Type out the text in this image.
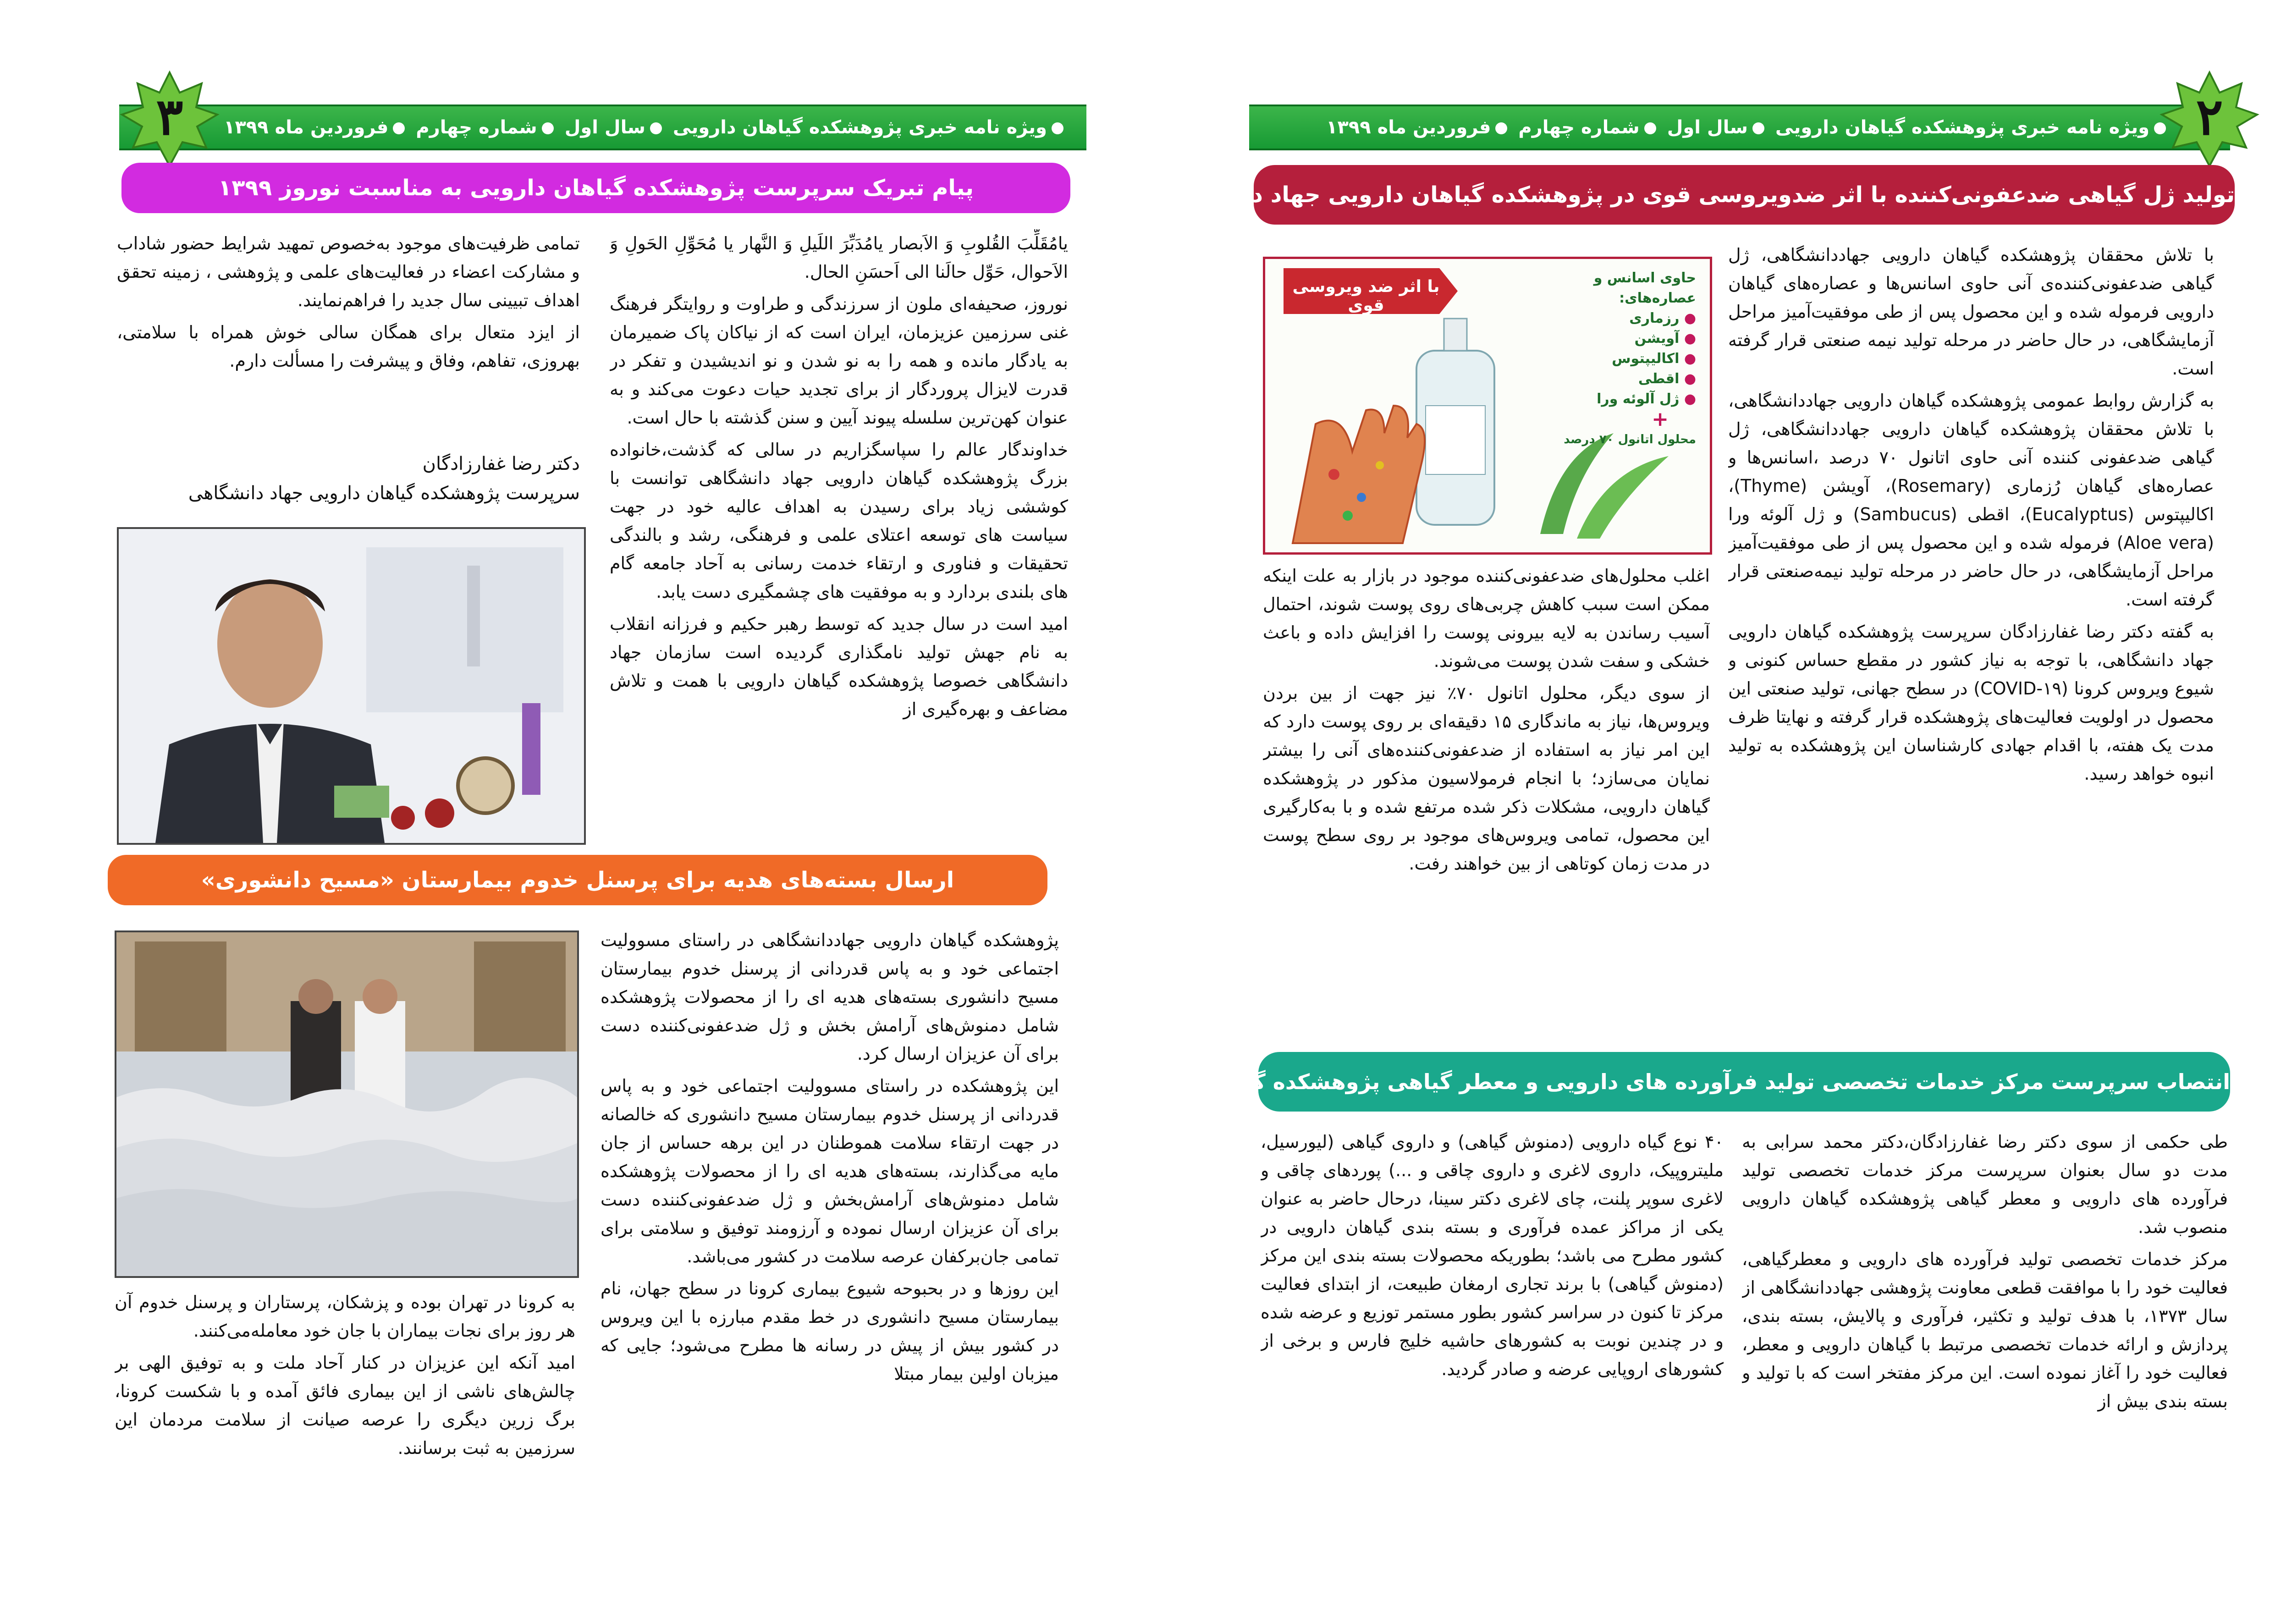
ویژه نامه خبری پژوهشکده گیاهان دارویی سال اول شماره چهارم فروردین ماه ۱۳۹۹
۳
پیام تبریک سرپرست پژوهشکده گیاهان دارویی به مناسبت نوروز ۱۳۹۹

یامُقَلِّبَ القُلوبِ وَ الاَبصار یامُدَبِّرَ اللَیلِ وَ النَّهار یا مُحَوِّلِ الحَولِ وَ الاَحوال، حَوِّل حالَنا الی اَحسَنِ الحال.

نوروز، صحیفه‌ای ملون از سرزندگی و طراوت و روایتگر فرهنگ غنی سرزمین عزیزمان، ایران است که از نیاکان پاک ضمیرمان به یادگار مانده و همه را به نو شدن و نو اندیشیدن و تفکر در قدرت لایزال پروردگار از برای تجدید حیات دعوت می‌کند و به عنوان کهن‌ترین سلسله پیوند آیین و سنن گذشته با حال است.

خداوندگار عالم را سپاسگزاریم در سالی که گذشت،خانواده بزرگ پژوهشکده گیاهان دارویی جهاد دانشگاهی توانست با کوششی زیاد برای رسیدن به اهداف عالیه خود در جهت سیاست های توسعه اعتلای علمی و فرهنگی، رشد و بالندگی تحقیقات و فناوری و ارتقاء خدمت رسانی به آحاد جامعه گام های بلندی بردارد و به موفقیت های چشمگیری دست یابد.

امید است در سال جدید که توسط رهبر حکیم و فرزانه انقلاب به نام جهش تولید نامگذاری گردیده است سازمان جهاد دانشگاهی خصوصا پژوهشکده گیاهان دارویی با همت و تلاش مضاعف و بهره‌گیری از

تمامی ظرفیت‌های موجود به‌خصوص تمهید شرایط حضور شاداب و مشارکت اعضاء در فعالیت‌های علمی و پژوهشی ، زمینه تحقق اهداف تبیینی سال جدید را فراهم‌نمایند.

از ایزد متعال برای همگان سالی خوش همراه با سلامتی، بهروزی، تفاهم، وفاق و پیشرفت را مسألت دارم.

دکتر رضا غفارزادگان
سرپرست پژوهشکده گیاهان دارویی جهاد دانشگاهی
ارسال بسته‌های هدیه برای پرسنل خدوم بیمارستان «مسیح دانشوری»

پژوهشکده گیاهان دارویی جهاددانشگاهی در راستای مسوولیت اجتماعی خود و به پاس قدردانی از پرسنل خدوم بیمارستان مسیح دانشوری بسته‌های هدیه ای را از محصولات پژوهشکده شامل دمنوش‌های آرامش بخش و ژل ضدعفونی‌کننده دست برای آن عزیزان ارسال کرد.

این پژوهشکده در راستای مسوولیت اجتماعی خود و به پاس قدردانی از پرسنل خدوم بیمارستان مسیح دانشوری که خالصانه در جهت ارتقاء سلامت هموطنان در این برهه حساس از جان مایه می‌گذارند، بسته‌های هدیه ای را از محصولات پژوهشکده شامل دمنوش‌های آرامش‌بخش و ژل ضدعفونی‌کننده دست برای آن عزیزان ارسال نموده و آرزومند توفیق و سلامتی برای تمامی جان‌برکفان عرصه سلامت در کشور می‌باشد.

این روزها و در بحبوحه شیوع بیماری کرونا در سطح جهان، نام بیمارستان مسیح دانشوری در خط مقدم مبارزه با این ویروس در کشور بیش از پیش در رسانه ها مطرح می‌شود؛ جایی که میزبان اولین بیمار مبتلا

به کرونا در تهران بوده و پزشکان، پرستاران و پرسنل خدوم آن هر روز برای نجات بیماران با جان خود معامله‌می‌کنند.

امید آنکه این عزیزان در کنار آحاد ملت و به توفیق الهی بر چالش‌های ناشی از این بیماری فائق آمده و با شکست کرونا، برگ زرین دیگری را عرصه صیانت از سلامت مردمان این سرزمین به ثبت برسانند.

ویژه نامه خبری پژوهشکده گیاهان دارویی سال اول شماره چهارم فروردین ماه ۱۳۹۹	۲
تولید ژل گیاهی ضدعفونی‌کننده با اثر ضدویروسی قوی در پژوهشکده گیاهان دارویی جهاد دانشگاهی

با تلاش محققان پژوهشکده گیاهان دارویی جهاددانشگاهی، ژل گیاهی ضدعفونی‌کننده‌ی آنی حاوی اسانس‌ها و عصاره‌های گیاهان دارویی فرموله شده و این محصول پس از طی موفقیت‌آمیز مراحل آزمایشگاهی، در حال حاضر در مرحله تولید نیمه صنعتی قرار گرفته است.

به گزارش روابط عمومی پژوهشکده گیاهان دارویی جهاددانشگاهی، با تلاش محققان پژوهشکده گیاهان دارویی جهاددانشگاهی، ژل گیاهی ضدعفونی کننده آنی حاوی اتانول ۷۰ درصد ،اسانس‌ها و عصاره‌های گیاهان رُزماری (Rosemary)، آویشن (Thyme)، اکالیپتوس (Eucalyptus)، اقطی (Sambucus) و ژل آلوئه ورا (Aloe vera) فرموله شده و این محصول پس از طی موفقیت‌آمیز مراحل آزمایشگاهی، در حال حاضر در مرحله تولید نیمه‌صنعتی قرار گرفته است.

به گفته دکتر رضا غفارزادگان سرپرست پژوهشکده گیاهان دارویی جهاد دانشگاهی، با توجه به نیاز کشور در مقطع حساس کنونی و شیوع ویروس کرونا (COVID-۱۹) در سطح جهانی، تولید صنعتی این محصول در اولویت فعالیت‌های پژوهشکده قرار گرفته و نهایتا ظرف مدت یک هفته، با اقدام جهادی کارشناسان این پژوهشکده به تولید انبوه خواهد رسید.

با اثر ضد ویروسی قوی
حاوی اسانس و عصاره‌های:
● رزماری
● آویشن
● اکالیپتوس
● اقطی
● ژل آلوئه ورا
+
محلول اتانول ۷۰ درصد

اغلب محلول‌های ضدعفونی‌کننده موجود در بازار به علت اینکه ممکن است سبب کاهش چربی‌های روی پوست شوند، احتمال آسیب رساندن به لایه بیرونی پوست را افزایش داده و باعث خشکی و سفت شدن پوست می‌شوند.

از سوی دیگر، محلول اتانول ۷۰٪ نیز جهت از بین بردن ویروس‌ها، نیاز به ماندگاری ۱۵ دقیقه‌ای بر روی پوست دارد که این امر نیاز به استفاده از ضدعفونی‌کننده‌های آنی را بیشتر نمایان می‌سازد؛ با انجام فرمولاسیون مذکور در پژوهشکده گیاهان دارویی، مشکلات ذکر شده مرتفع شده و با به‌کارگیری این محصول، تمامی ویروس‌های موجود بر روی سطح پوست در مدت زمان کوتاهی از بین خواهند رفت.

انتصاب سرپرست مرکز خدمات تخصصی تولید فرآورده های دارویی و معطر گیاهی پژوهشکده گیاهان دارویی

طی حکمی از سوی دکتر رضا غفارزادگان،دکتر محمد سرابی به مدت دو سال بعنوان سرپرست مرکز خدمات تخصصی تولید فرآورده های دارویی و معطر گیاهی پژوهشکده گیاهان دارویی منصوب شد.

مرکز خدمات تخصصی تولید فرآورده های دارویی و معطرگیاهی، فعالیت خود را با موافقت قطعی معاونت پژوهشی جهاددانشگاهی از سال ۱۳۷۳، با هدف تولید و تکثیر، فرآوری و پالایش، بسته بندی، پردازش و ارائه خدمات تخصصی مرتبط با گیاهان دارویی و معطر، فعالیت خود را آغاز نموده است. این مرکز مفتخر است که با تولید و بسته بندی بیش از

۴۰ نوع گیاه دارویی (دمنوش گیاهی) و داروی گیاهی (لیورسیل، ملیتروپیک، داروی لاغری و داروی چاقی و ...) پوردهای چاقی و لاغری سوپر پلنت، چای لاغری دکتر سینا، درحال حاضر به عنوان یکی از مراکز عمده فرآوری و بسته بندی گیاهان دارویی در کشور مطرح می باشد؛ بطوریکه محصولات بسته بندی این مرکز (دمنوش گیاهی) با برند تجاری ارمغان طبیعت، از ابتدای فعالیت مرکز تا کنون در سراسر کشور بطور مستمر توزیع و عرضه شده و در چندین نوبت به کشورهای حاشیه خلیج فارس و برخی از کشورهای اروپایی عرضه و صادر گردید.
